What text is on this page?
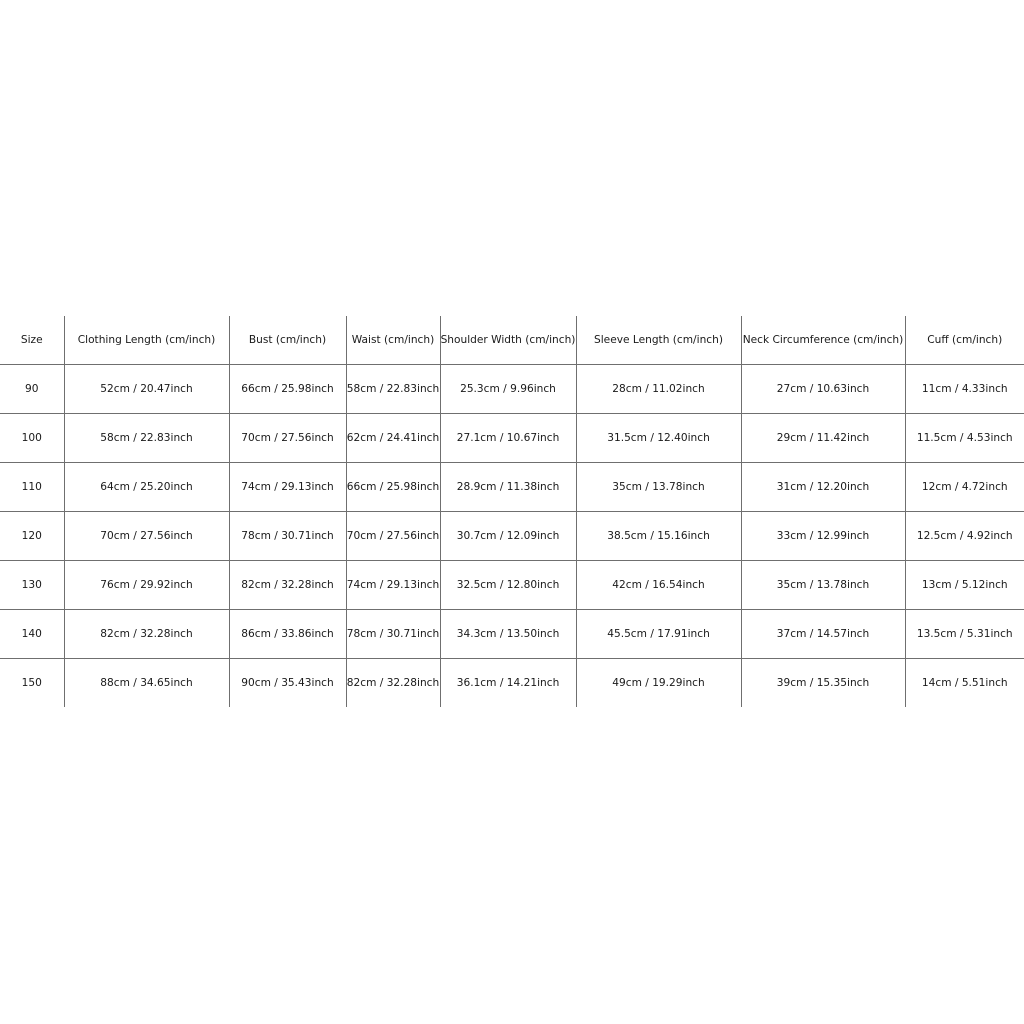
Size	Clothing Length (cm/inch)	Bust (cm/inch)	Waist (cm/inch)	Shoulder Width (cm/inch)	Sleeve Length (cm/inch)	Neck Circumference (cm/inch)	Cuff (cm/inch)
90	52cm / 20.47inch	66cm / 25.98inch	58cm / 22.83inch	25.3cm / 9.96inch	28cm / 11.02inch	27cm / 10.63inch	11cm / 4.33inch
100	58cm / 22.83inch	70cm / 27.56inch	62cm / 24.41inch	27.1cm / 10.67inch	31.5cm / 12.40inch	29cm / 11.42inch	11.5cm / 4.53inch
110	64cm / 25.20inch	74cm / 29.13inch	66cm / 25.98inch	28.9cm / 11.38inch	35cm / 13.78inch	31cm / 12.20inch	12cm / 4.72inch
120	70cm / 27.56inch	78cm / 30.71inch	70cm / 27.56inch	30.7cm / 12.09inch	38.5cm / 15.16inch	33cm / 12.99inch	12.5cm / 4.92inch
130	76cm / 29.92inch	82cm / 32.28inch	74cm / 29.13inch	32.5cm / 12.80inch	42cm / 16.54inch	35cm / 13.78inch	13cm / 5.12inch
140	82cm / 32.28inch	86cm / 33.86inch	78cm / 30.71inch	34.3cm / 13.50inch	45.5cm / 17.91inch	37cm / 14.57inch	13.5cm / 5.31inch
150	88cm / 34.65inch	90cm / 35.43inch	82cm / 32.28inch	36.1cm / 14.21inch	49cm / 19.29inch	39cm / 15.35inch	14cm / 5.51inch
